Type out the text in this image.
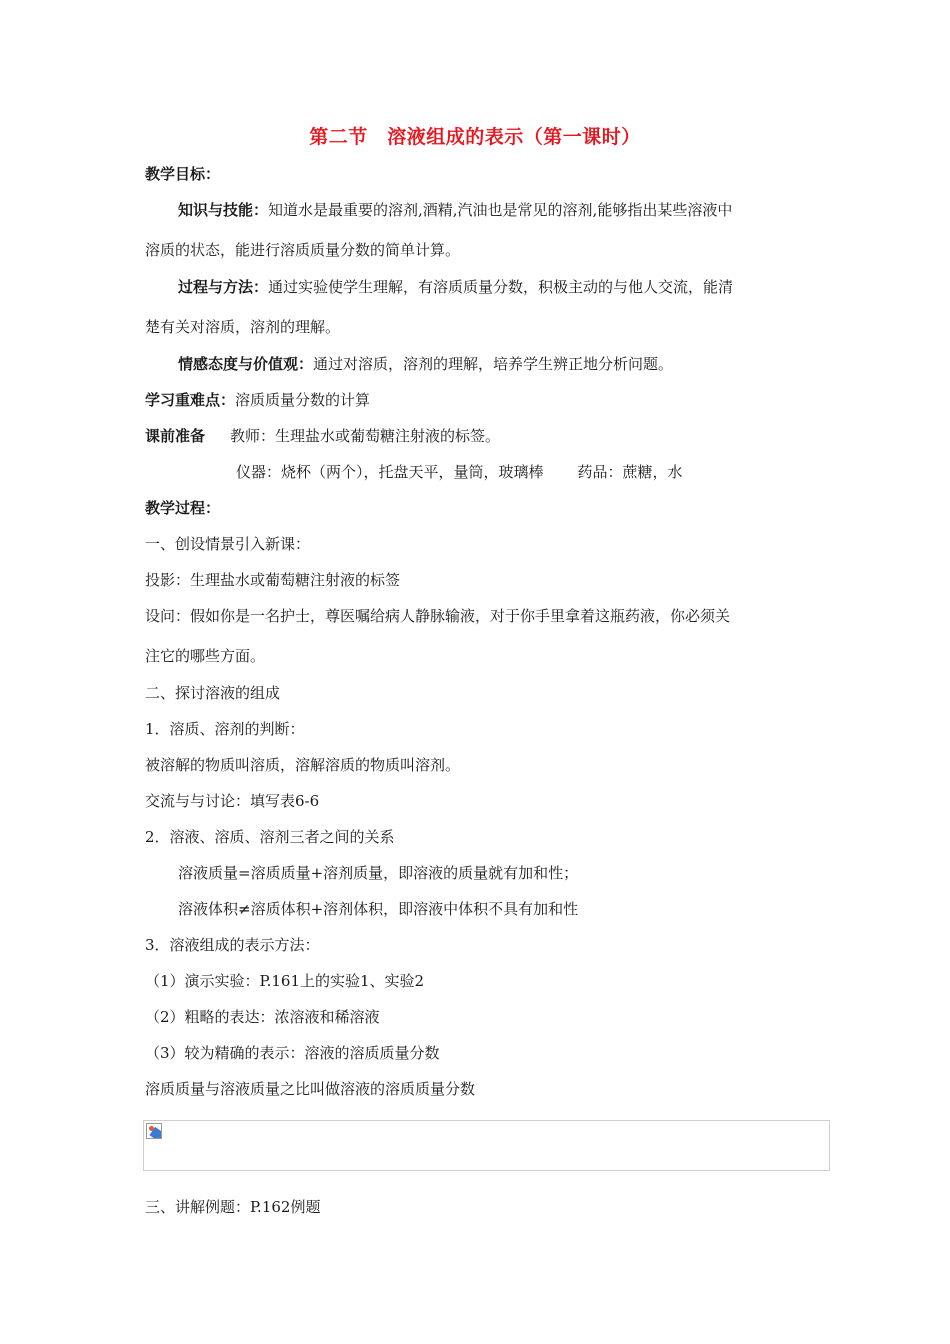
第二节　溶液组成的表示（第一课时）
教学目标：
知识与技能：知道水是最重要的溶剂,酒精,汽油也是常见的溶剂,能够指出某些溶液中
溶质的状态，能进行溶质质量分数的简单计算。
过程与方法：通过实验使学生理解，有溶质质量分数，积极主动的与他人交流，能清
楚有关对溶质，溶剂的理解。
情感态度与价值观：通过对溶质，溶剂的理解，培养学生辨正地分析问题。
学习重难点：溶质质量分数的计算
课前准备 教师：生理盐水或葡萄糖注射液的标签。
仪器：烧杯（两个），托盘天平，量筒，玻璃棒 药品：蔗糖，水
教学过程：
一、创设情景引入新课：
投影：生理盐水或葡萄糖注射液的标签
设问：假如你是一名护士，尊医嘱给病人静脉输液，对于你手里拿着这瓶药液，你必须关
注它的哪些方面。
二、探讨溶液的组成
1．溶质、溶剂的判断：
被溶解的物质叫溶质，溶解溶质的物质叫溶剂。
交流与与讨论：填写表6-6
2．溶液、溶质、溶剂三者之间的关系
溶液质量=溶质质量+溶剂质量，即溶液的质量就有加和性；
溶液体积≠溶质体积+溶剂体积，即溶液中体积不具有加和性
3．溶液组成的表示方法：
（1）演示实验：P.161上的实验1、实验2
（2）粗略的表达：浓溶液和稀溶液
（3）较为精确的表示：溶液的溶质质量分数
溶质质量与溶液质量之比叫做溶液的溶质质量分数
三、讲解例题：P.162例题
